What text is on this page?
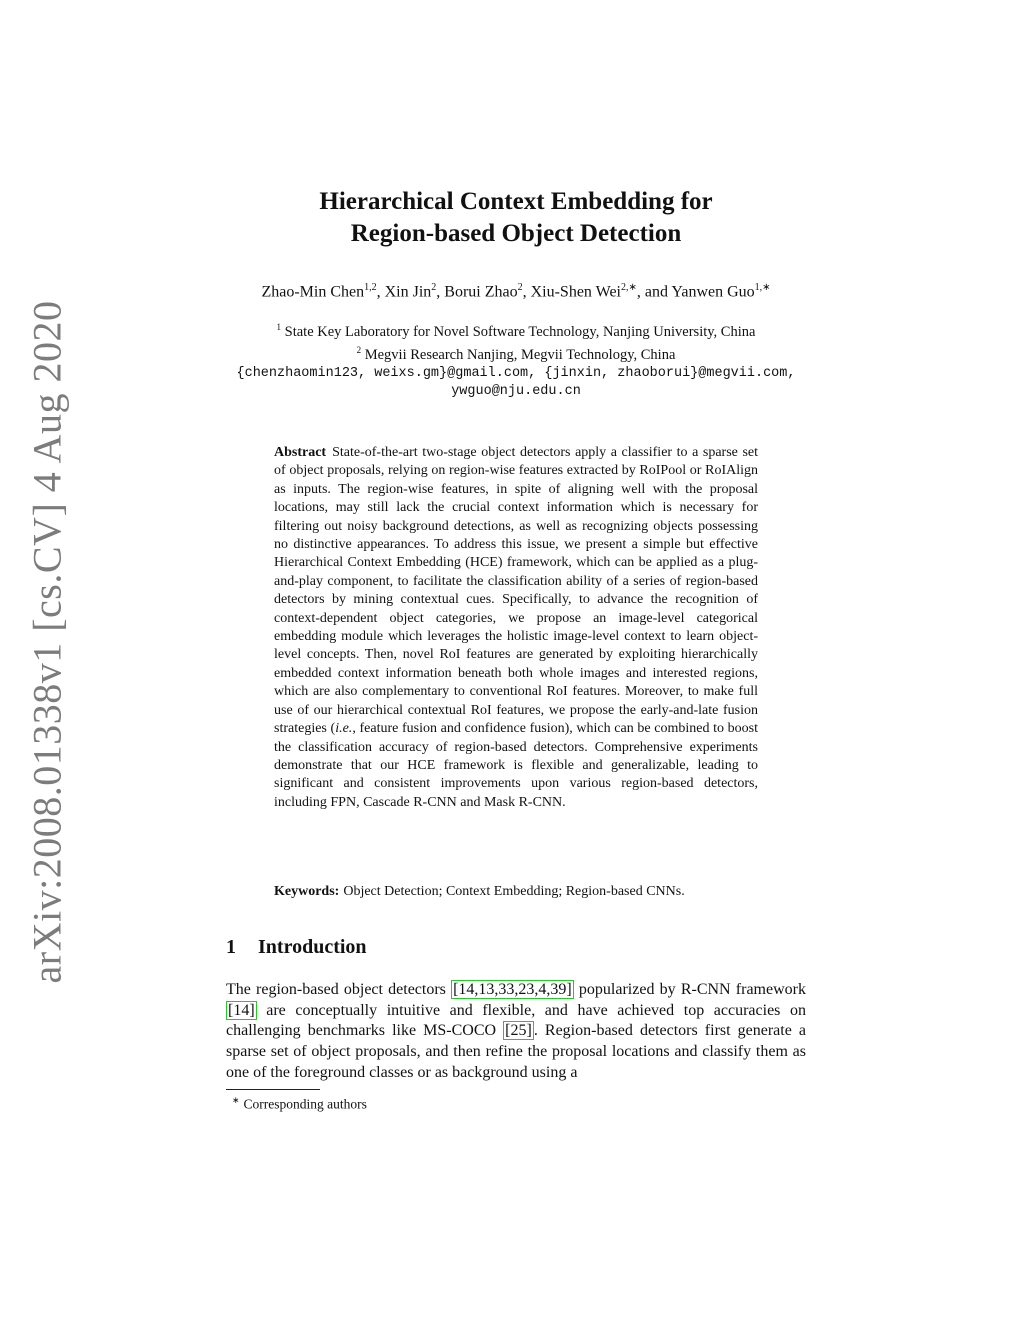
arXiv:2008.01338v1 [cs.CV] 4 Aug 2020
Hierarchical Context Embedding for
Region-based Object Detection
Zhao-Min Chen$^{1,2}$, Xin Jin$^2$, Borui Zhao$^2$, Xiu-Shen Wei$^{2,∗}$, and Yanwen Guo$^{1,∗}$
$^1$ State Key Laboratory for Novel Software Technology, Nanjing University, China
$^2$ Megvii Research Nanjing, Megvii Technology, China
{chenzhaomin123, weixs.gm}@gmail.com, {jinxin, zhaoborui}@megvii.com,
ywguo@nju.edu.cn
Abstract State-of-the-art two-stage object detectors apply a classifier to a sparse set of object proposals, relying on region-wise features extracted by RoIPool or RoIAlign as inputs. The region-wise features, in spite of aligning well with the proposal locations, may still lack the crucial context information which is necessary for filtering out noisy background detections, as well as recognizing objects possessing no distinctive appearances. To address this issue, we present a simple but effective Hierarchical Context Embedding (HCE) framework, which can be applied as a plug-and-play component, to facilitate the classification ability of a series of region-based detectors by mining contextual cues. Specifically, to advance the recognition of context-dependent object categories, we propose an image-level categorical embedding module which leverages the holistic image-level context to learn object-level concepts. Then, novel RoI features are generated by exploiting hierarchically embedded context information beneath both whole images and interested regions, which are also complementary to conventional RoI features. Moreover, to make full use of our hierarchical contextual RoI features, we propose the early-and-late fusion strategies (i.e., feature fusion and confidence fusion), which can be combined to boost the classification accuracy of region-based detectors. Comprehensive experiments demonstrate that our HCE framework is flexible and generalizable, leading to significant and consistent improvements upon various region-based detectors, including FPN, Cascade R-CNN and Mask R-CNN.
Keywords: Object Detection; Context Embedding; Region-based CNNs.
1 Introduction
The region-based object detectors [14,13,33,23,4,39] popularized by R-CNN framework [14] are conceptually intuitive and flexible, and have achieved top accuracies on challenging benchmarks like MS-COCO [25] . Region-based detectors first generate a sparse set of object proposals, and then refine the proposal locations and classify them as one of the foreground classes or as background using a
∗ Corresponding authors
